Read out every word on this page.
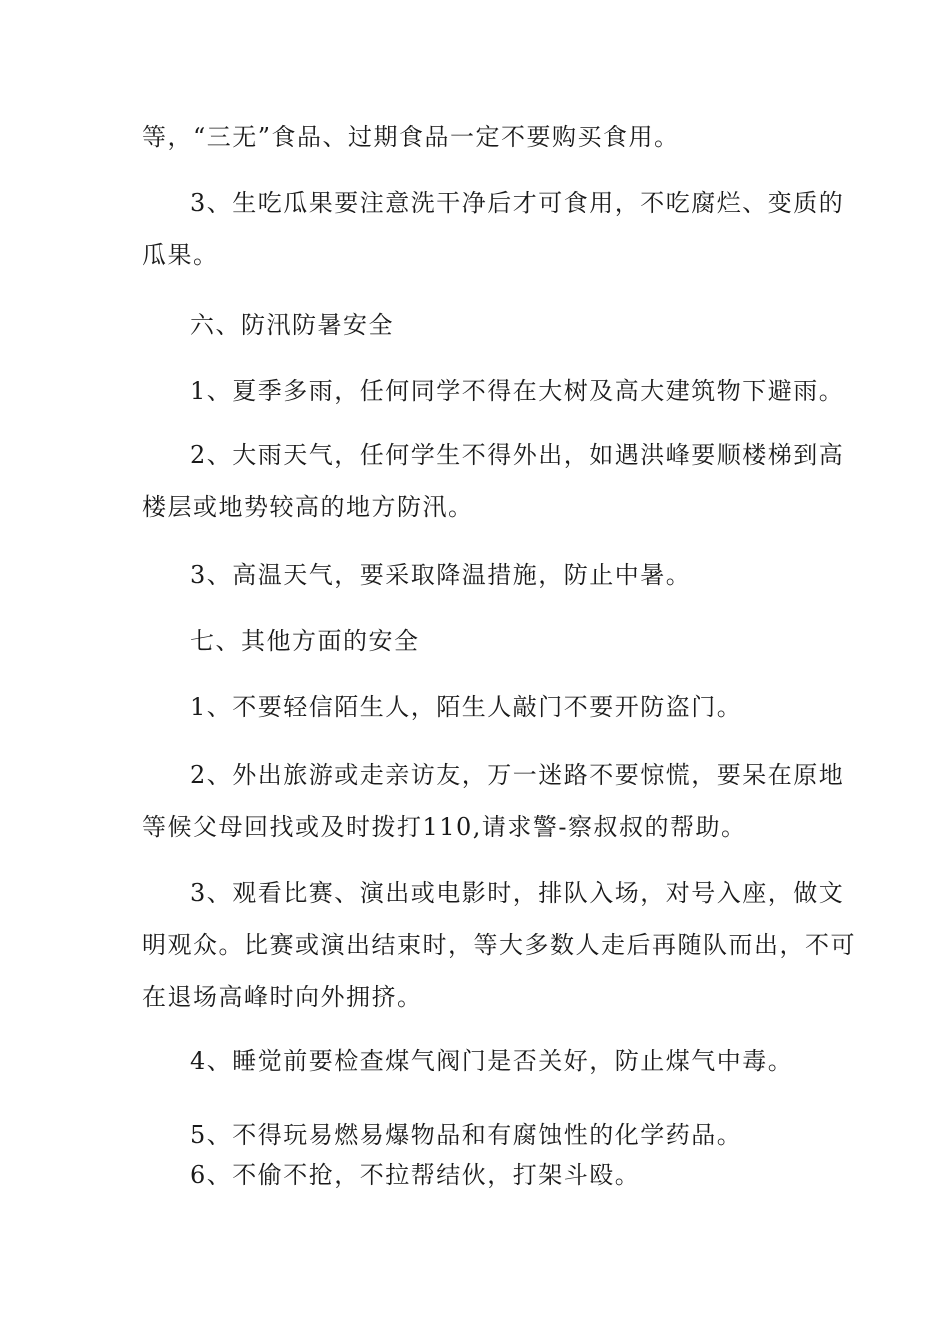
等，“三无”食品、过期食品一定不要购买食用。
3、生吃瓜果要注意洗干净后才可食用，不吃腐烂、变质的
瓜果。
六、防汛防暑安全
1、夏季多雨，任何同学不得在大树及高大建筑物下避雨。
2、大雨天气，任何学生不得外出，如遇洪峰要顺楼梯到高
楼层或地势较高的地方防汛。
3、高温天气，要采取降温措施，防止中暑。
七、其他方面的安全
1、不要轻信陌生人，陌生人敲门不要开防盗门。
2、外出旅游或走亲访友，万一迷路不要惊慌，要呆在原地
等候父母回找或及时拨打110,请求警-察叔叔的帮助。
3、观看比赛、演出或电影时，排队入场，对号入座，做文
明观众。比赛或演出结束时，等大多数人走后再随队而出，不可
在退场高峰时向外拥挤。
4、睡觉前要检查煤气阀门是否关好，防止煤气中毒。
5、不得玩易燃易爆物品和有腐蚀性的化学药品。
6、不偷不抢，不拉帮结伙，打架斗殴。
